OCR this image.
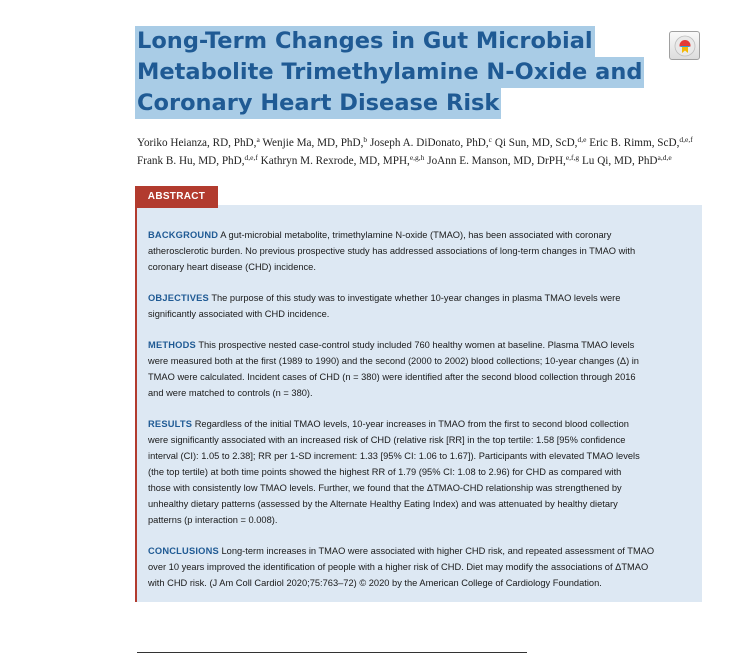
Long-Term Changes in Gut Microbial
Metabolite Trimethylamine N-Oxide and
Coronary Heart Disease Risk
Yoriko Heianza, RD, PhD,$^a$ Wenjie Ma, MD, PhD,$^b$ Joseph A. DiDonato, PhD,$^c$ Qi Sun, MD, ScD,$^{d,e}$ Eric B. Rimm, ScD,$^{d,e,f}$
Frank B. Hu, MD, PhD,$^{d,e,f}$ Kathryn M. Rexrode, MD, MPH,$^{e,g,h}$ JoAnn E. Manson, MD, DrPH,$^{e,f,g}$ Lu Qi, MD, PhD$^{a,d,e}$
ABSTRACT
BACKGROUND A gut-microbial metabolite, trimethylamine N-oxide (TMAO), has been associated with coronary
atherosclerotic burden. No previous prospective study has addressed associations of long-term changes in TMAO with
coronary heart disease (CHD) incidence.
OBJECTIVES The purpose of this study was to investigate whether 10-year changes in plasma TMAO levels were
significantly associated with CHD incidence.
METHODS This prospective nested case-control study included 760 healthy women at baseline. Plasma TMAO levels
were measured both at the first (1989 to 1990) and the second (2000 to 2002) blood collections; 10-year changes (Δ) in
TMAO were calculated. Incident cases of CHD (n = 380) were identified after the second blood collection through 2016
and were matched to controls (n = 380).
RESULTS Regardless of the initial TMAO levels, 10-year increases in TMAO from the first to second blood collection
were significantly associated with an increased risk of CHD (relative risk [RR] in the top tertile: 1.58 [95% confidence
interval (CI): 1.05 to 2.38]; RR per 1-SD increment: 1.33 [95% CI: 1.06 to 1.67]). Participants with elevated TMAO levels
(the top tertile) at both time points showed the highest RR of 1.79 (95% CI: 1.08 to 2.96) for CHD as compared with
those with consistently low TMAO levels. Further, we found that the ΔTMAO-CHD relationship was strengthened by
unhealthy dietary patterns (assessed by the Alternate Healthy Eating Index) and was attenuated by healthy dietary
patterns (p interaction = 0.008).
CONCLUSIONS Long-term increases in TMAO were associated with higher CHD risk, and repeated assessment of TMAO
over 10 years improved the identification of people with a higher risk of CHD. Diet may modify the associations of ΔTMAO
with CHD risk. (J Am Coll Cardiol 2020;75:763–72) © 2020 by the American College of Cardiology Foundation.
